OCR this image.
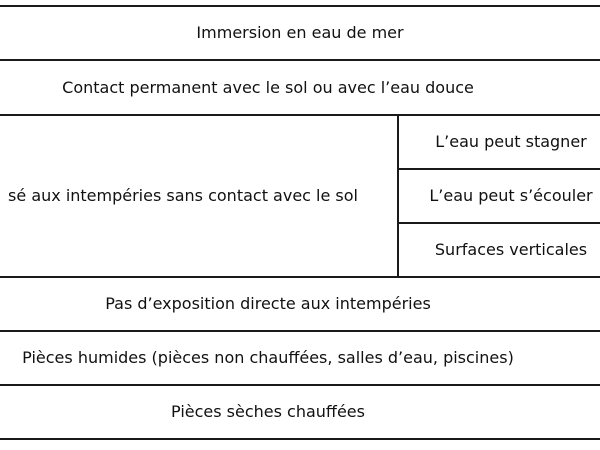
Immersion en eau de mer
Contact permanent avec le sol ou avec l’eau douce
sé aux intempéries sans contact avec le sol
L’eau peut stagner
L’eau peut s’écouler
Surfaces verticales
Pas d’exposition directe aux intempéries
Pièces humides (pièces non chauffées, salles d’eau, piscines)
Pièces sèches chauffées
